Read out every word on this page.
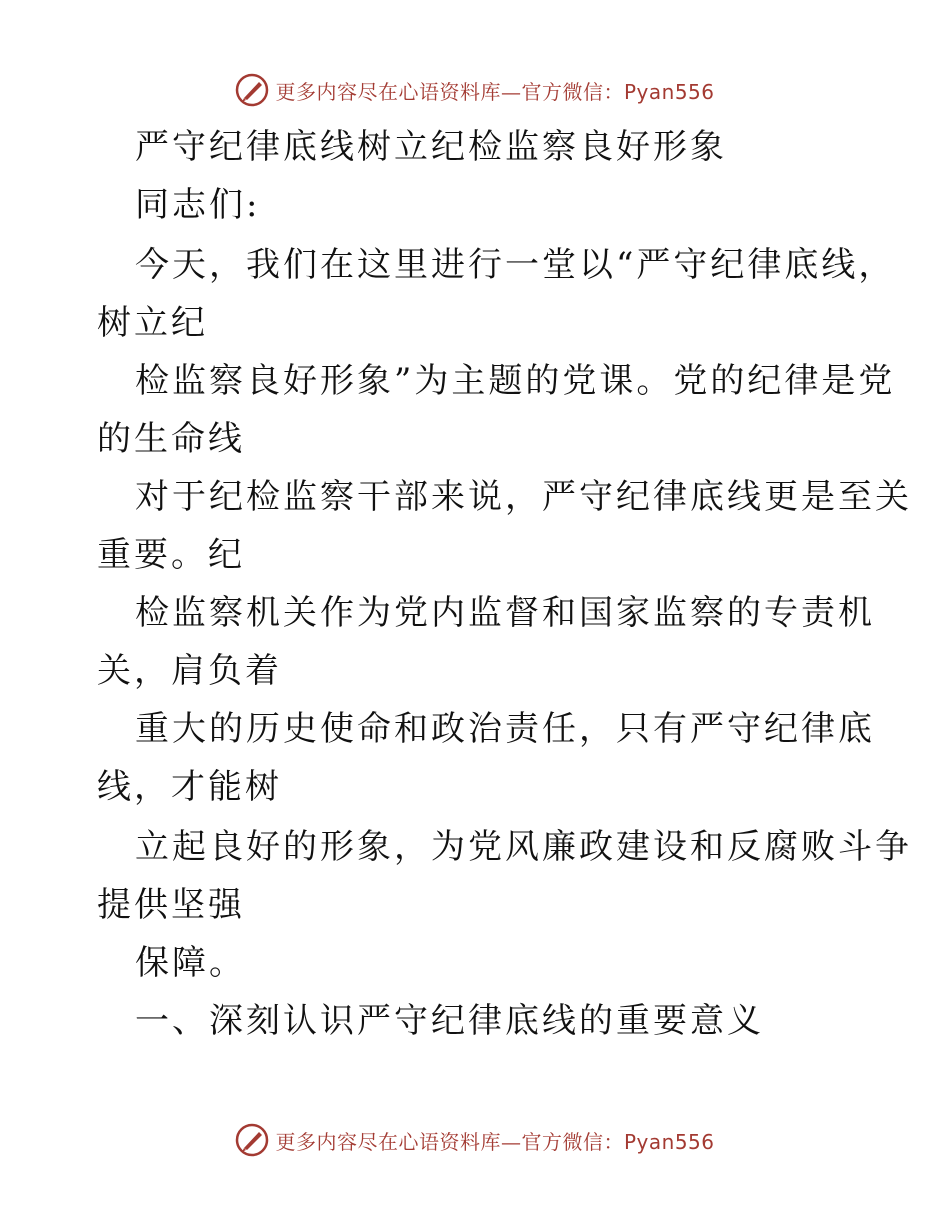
更多内容尽在心语资料库—官方微信：Pyan556
严守纪律底线树立纪检监察良好形象
同志们:
今天，我们在这里进行一堂以“严守纪律底线，
树立纪
检监察良好形象”为主题的党课。党的纪律是党
的生命线
对于纪检监察干部来说，严守纪律底线更是至关
重要。纪
检监察机关作为党内监督和国家监察的专责机
关，肩负着
重大的历史使命和政治责任，只有严守纪律底
线，才能树
立起良好的形象，为党风廉政建设和反腐败斗争
提供坚强
保障。
一、深刻认识严守纪律底线的重要意义
更多内容尽在心语资料库—官方微信：Pyan556
